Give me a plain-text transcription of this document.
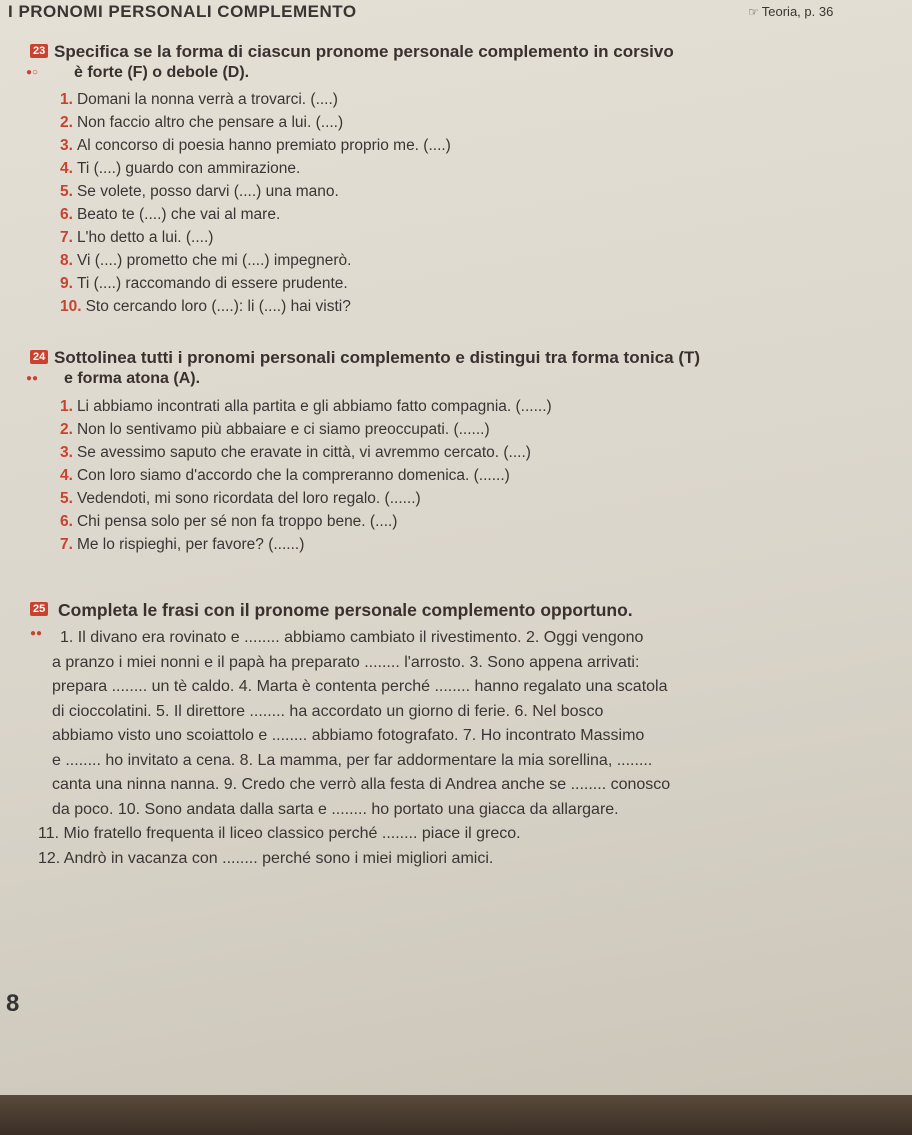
I PRONOMI PERSONALI COMPLEMENTO	☞ Teoria, p. 36
23 Specifica se la forma di ciascun pronome personale complemento in corsivo
●○ è forte (F) o debole (D).
1. Domani la nonna verrà a trovarci. (....)
2. Non faccio altro che pensare a lui. (....)
3. Al concorso di poesia hanno premiato proprio me. (....)
4. Ti (....) guardo con ammirazione.
5. Se volete, posso darvi (....) una mano.
6. Beato te (....) che vai al mare.
7. L'ho detto a lui. (....)
8. Vi (....) prometto che mi (....) impegnerò.
9. Ti (....) raccomando di essere prudente.
10. Sto cercando loro (....): li (....) hai visti?
24 Sottolinea tutti i pronomi personali complemento e distingui tra forma tonica (T)
●● e forma atona (A).
1. Li abbiamo incontrati alla partita e gli abbiamo fatto compagnia. (......)
2. Non lo sentivamo più abbaiare e ci siamo preoccupati. (......)
3. Se avessimo saputo che eravate in città, vi avremmo cercato. (....)
4. Con loro siamo d'accordo che la compreranno domenica. (......)
5. Vedendoti, mi sono ricordata del loro regalo. (......)
6. Chi pensa solo per sé non fa troppo bene. (....)
7. Me lo rispieghi, per favore? (......)
25 Completa le frasi con il pronome personale complemento opportuno.
●●	1. Il divano era rovinato e ........ abbiamo cambiato il rivestimento. 2. Oggi vengono
a pranzo i miei nonni e il papà ha preparato ........ l'arrosto. 3. Sono appena arrivati:
prepara ........ un tè caldo. 4. Marta è contenta perché ........ hanno regalato una scatola
di cioccolatini. 5. Il direttore ........ ha accordato un giorno di ferie. 6. Nel bosco
abbiamo visto uno scoiattolo e ........ abbiamo fotografato. 7. Ho incontrato Massimo
e ........ ho invitato a cena. 8. La mamma, per far addormentare la mia sorellina, ........
canta una ninna nanna. 9. Credo che verrò alla festa di Andrea anche se ........ conosco
da poco. 10. Sono andata dalla sarta e ........ ho portato una giacca da allargare.
11. Mio fratello frequenta il liceo classico perché ........ piace il greco.
12. Andrò in vacanza con ........ perché sono i miei migliori amici.
8
